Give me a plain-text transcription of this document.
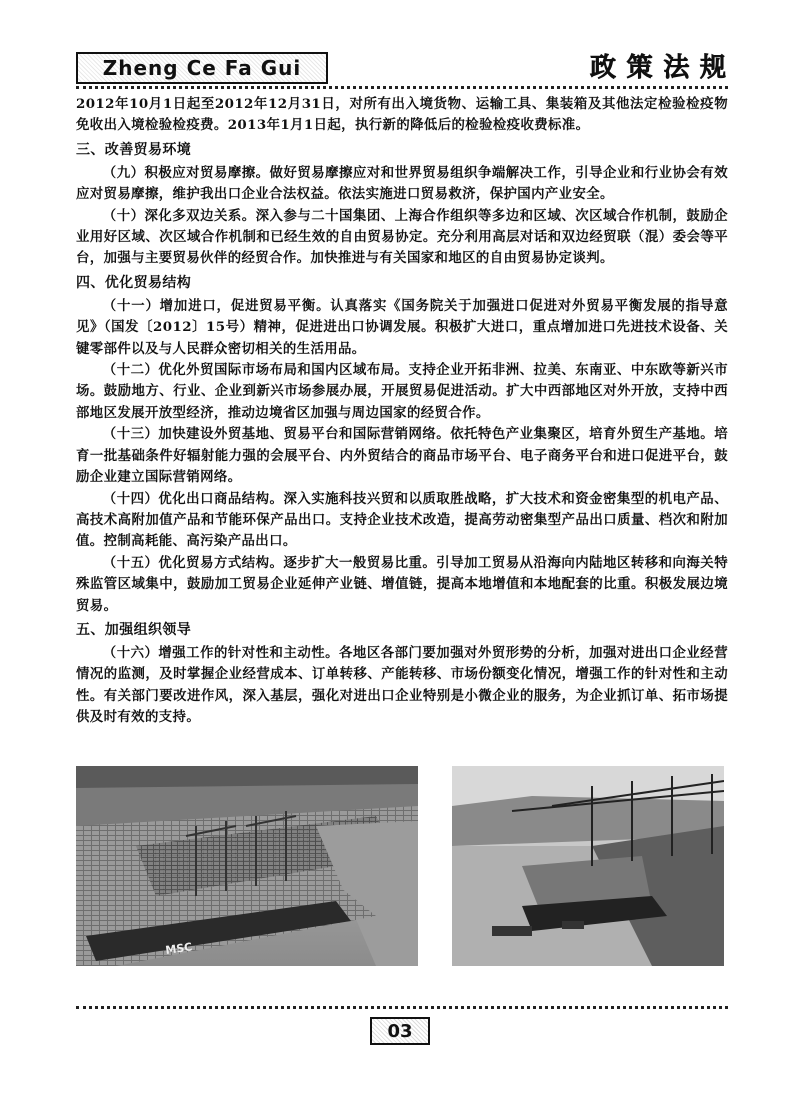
Zheng Ce Fa Gui	政 策 法 规

2012年10月1日起至2012年12月31日，对所有出入境货物、运输工具、集装箱及其他法定检验检疫物免收出入境检验检疫费。2013年1月1日起，执行新的降低后的检验检疫收费标准。

三、改善贸易环境

（九）积极应对贸易摩擦。做好贸易摩擦应对和世界贸易组织争端解决工作，引导企业和行业协会有效应对贸易摩擦，维护我出口企业合法权益。依法实施进口贸易救济，保护国内产业安全。

（十）深化多双边关系。深入参与二十国集团、上海合作组织等多边和区域、次区域合作机制，鼓励企业用好区域、次区域合作机制和已经生效的自由贸易协定。充分利用高层对话和双边经贸联（混）委会等平台，加强与主要贸易伙伴的经贸合作。加快推进与有关国家和地区的自由贸易协定谈判。

四、优化贸易结构

（十一）增加进口，促进贸易平衡。认真落实《国务院关于加强进口促进对外贸易平衡发展的指导意见》（国发〔2012〕15号）精神，促进进出口协调发展。积极扩大进口，重点增加进口先进技术设备、关键零部件以及与人民群众密切相关的生活用品。

（十二）优化外贸国际市场布局和国内区域布局。支持企业开拓非洲、拉美、东南亚、中东欧等新兴市场。鼓励地方、行业、企业到新兴市场参展办展，开展贸易促进活动。扩大中西部地区对外开放，支持中西部地区发展开放型经济，推动边境省区加强与周边国家的经贸合作。

（十三）加快建设外贸基地、贸易平台和国际营销网络。依托特色产业集聚区，培育外贸生产基地。培育一批基础条件好辐射能力强的会展平台、内外贸结合的商品市场平台、电子商务平台和进口促进平台，鼓励企业建立国际营销网络。

（十四）优化出口商品结构。深入实施科技兴贸和以质取胜战略，扩大技术和资金密集型的机电产品、高技术高附加值产品和节能环保产品出口。支持企业技术改造，提高劳动密集型产品出口质量、档次和附加值。控制高耗能、高污染产品出口。

（十五）优化贸易方式结构。逐步扩大一般贸易比重。引导加工贸易从沿海向内陆地区转移和向海关特殊监管区域集中，鼓励加工贸易企业延伸产业链、增值链，提高本地增值和本地配套的比重。积极发展边境贸易。

五、加强组织领导

（十六）增强工作的针对性和主动性。各地区各部门要加强对外贸形势的分析，加强对进出口企业经营情况的监测，及时掌握企业经营成本、订单转移、产能转移、市场份额变化情况，增强工作的针对性和主动性。有关部门要改进作风，深入基层，强化对进出口企业特别是小微企业的服务，为企业抓订单、拓市场提供及时有效的支持。

MSC
03
